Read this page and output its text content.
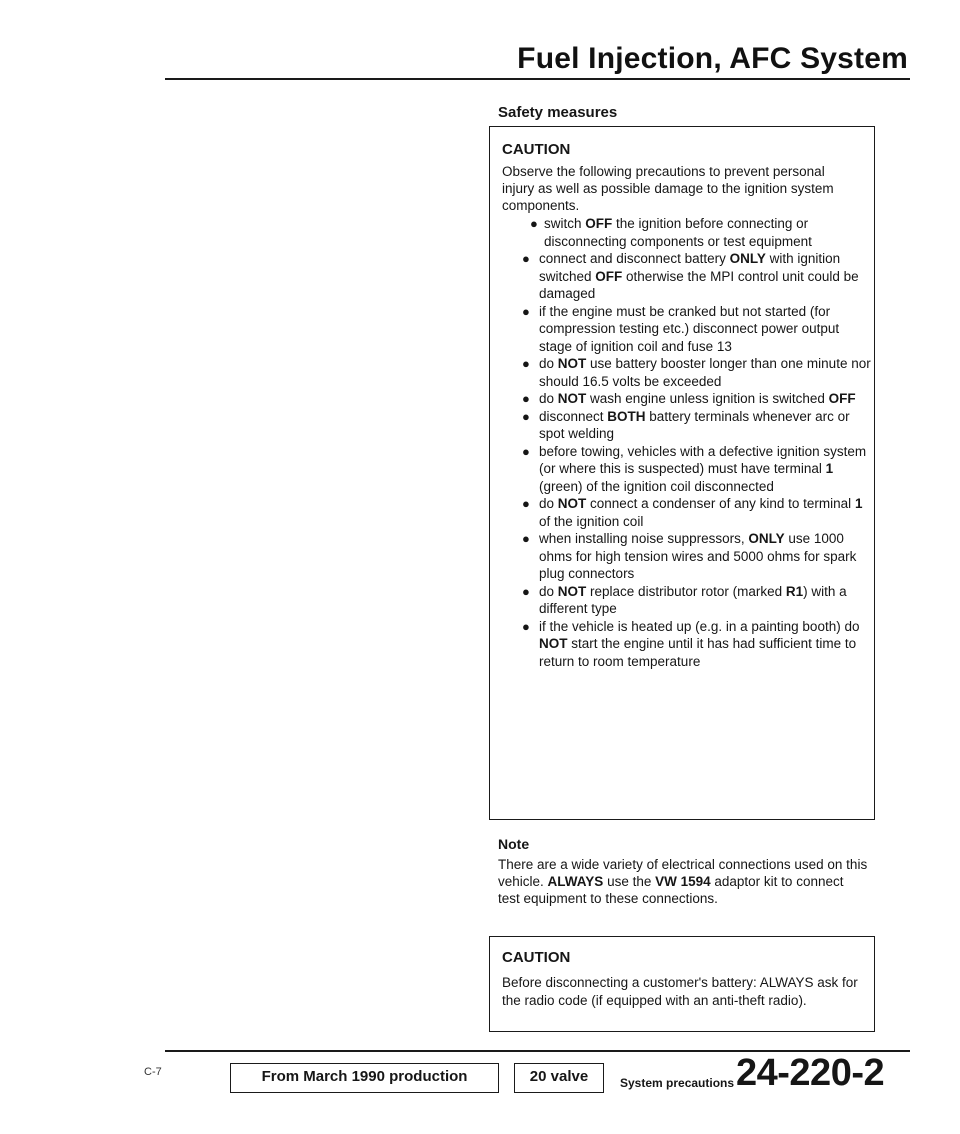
Fuel Injection, AFC System
Safety measures
CAUTION
Observe the following precautions to prevent personal injury as well as possible damage to the ignition system components.
● switch OFF the ignition before connecting or disconnecting components or test equipment
● connect and disconnect battery ONLY with ignition switched OFF otherwise the MPI control unit could be damaged
● if the engine must be cranked but not started (for compression testing etc.) disconnect power output stage of ignition coil and fuse 13
● do NOT use battery booster longer than one minute nor should 16.5 volts be exceeded
● do NOT wash engine unless ignition is switched OFF
● disconnect BOTH battery terminals whenever arc or spot welding
● before towing, vehicles with a defective ignition system (or where this is suspected) must have terminal 1 (green) of the ignition coil disconnected
● do NOT connect a condenser of any kind to terminal 1 of the ignition coil
● when installing noise suppressors, ONLY use 1000 ohms for high tension wires and 5000 ohms for spark plug connectors
● do NOT replace distributor rotor (marked R1) with a different type
● if the vehicle is heated up (e.g. in a painting booth) do NOT start the engine until it has had sufficient time to return to room temperature
Note
There are a wide variety of electrical connections used on this vehicle. ALWAYS use the VW 1594 adaptor kit to connect test equipment to these connections.
CAUTION
Before disconnecting a customer's battery: ALWAYS ask for the radio code (if equipped with an anti-theft radio).
C-7	From March 1990 production	20 valve	System precautions 24-220-2
